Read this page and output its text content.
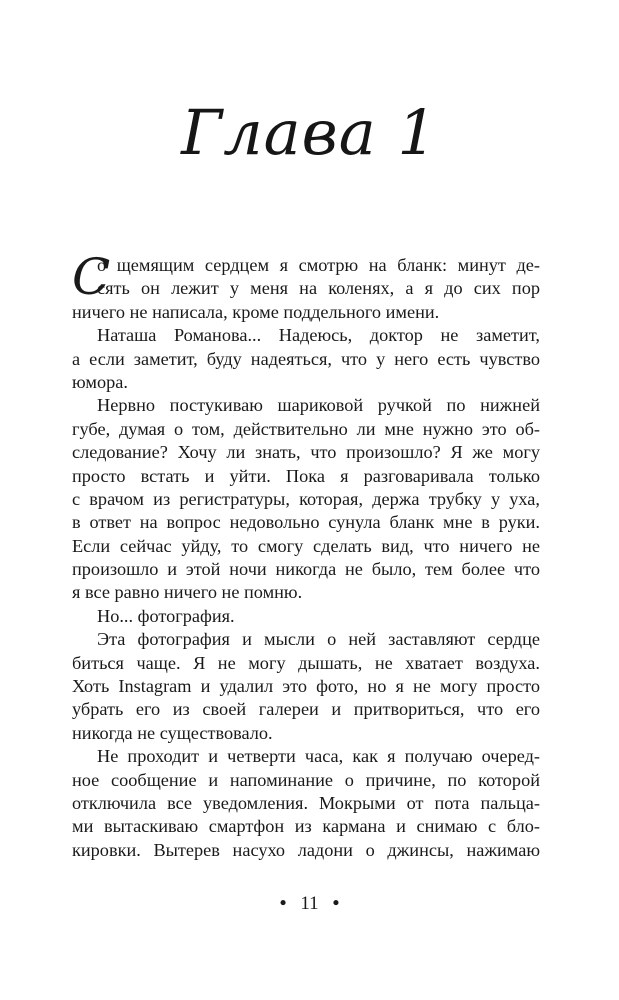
Глава 1
С
о щемящим сердцем я смотрю на бланк: минут де-
сять он лежит у меня на коленях, а я до сих пор
ничего не написала, кроме поддельного имени.
Наташа Романова... Надеюсь, доктор не заметит,
а если заметит, буду надеяться, что у него есть чувство
юмора.
Нервно постукиваю шариковой ручкой по нижней
губе, думая о том, действительно ли мне нужно это об-
следование? Хочу ли знать, что произошло? Я же могу
просто встать и уйти. Пока я разговаривала только
с врачом из регистратуры, которая, держа трубку у уха,
в ответ на вопрос недовольно сунула бланк мне в руки.
Если сейчас уйду, то смогу сделать вид, что ничего не
произошло и этой ночи никогда не было, тем более что
я все равно ничего не помню.
Но... фотография.
Эта фотография и мысли о ней заставляют сердце
биться чаще. Я не могу дышать, не хватает воздуха.
Хоть Instagram и удалил это фото, но я не могу просто
убрать его из своей галереи и притвориться, что его
никогда не существовало.
Не проходит и четверти часа, как я получаю очеред-
ное сообщение и напоминание о причине, по которой
отключила все уведомления. Мокрыми от пота пальца-
ми вытаскиваю смартфон из кармана и снимаю с бло-
кировки. Вытерев насухо ладони о джинсы, нажимаю
• 11 •
